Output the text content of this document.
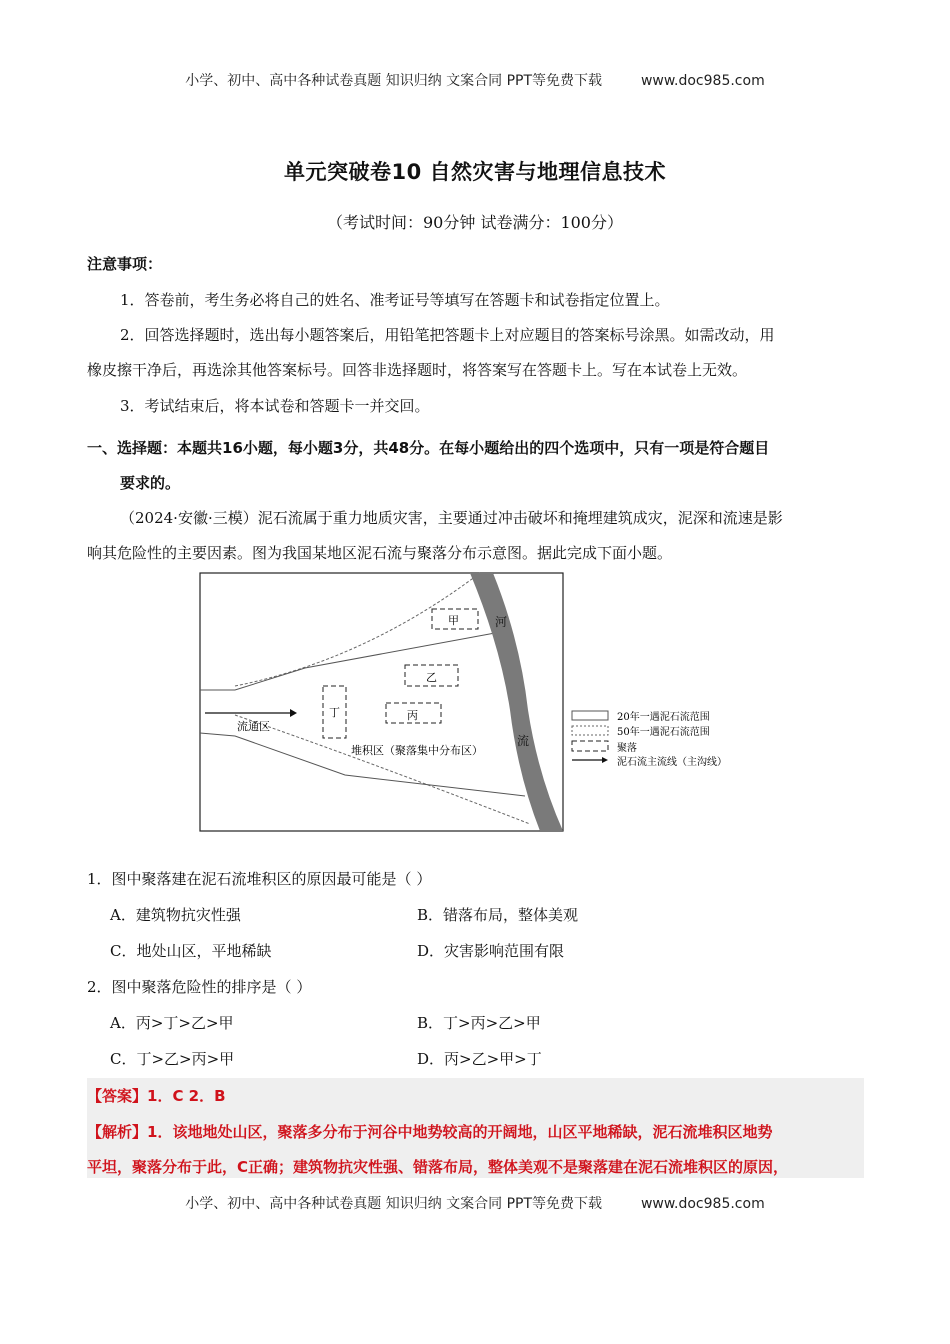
小学、初中、高中各种试卷真题 知识归纳 文案合同 PPT等免费下载	www.doc985.com
单元突破卷10 自然灾害与地理信息技术
（考试时间：90分钟 试卷满分：100分）
注意事项：
1．答卷前，考生务必将自己的姓名、准考证号等填写在答题卡和试卷指定位置上。
2．回答选择题时，选出每小题答案后，用铅笔把答题卡上对应题目的答案标号涂黑。如需改动，用
橡皮擦干净后，再选涂其他答案标号。回答非选择题时，将答案写在答题卡上。写在本试卷上无效。
3．考试结束后，将本试卷和答题卡一并交回。
一、选择题：本题共16小题，每小题3分，共48分。在每小题给出的四个选项中，只有一项是符合题目
要求的。
（2024·安徽·三模）泥石流属于重力地质灾害，主要通过冲击破坏和掩埋建筑成灾，泥深和流速是影
响其危险性的主要因素。图为我国某地区泥石流与聚落分布示意图。据此完成下面小题。
河
流
甲
乙
丙
丁
流通区
堆积区（聚落集中分布区）
20年一遇泥石流范围
50年一遇泥石流范围
聚落
泥石流主流线（主沟线）
1．图中聚落建在泥石流堆积区的原因最可能是（ ）
A．建筑物抗灾性强	B．错落布局，整体美观
C．地处山区，平地稀缺	D．灾害影响范围有限
2．图中聚落危险性的排序是（ ）
A．丙>丁>乙>甲	B．丁>丙>乙>甲
C．丁>乙>丙>甲	D．丙>乙>甲>丁
【答案】1．C 2．B
【解析】1．该地地处山区，聚落多分布于河谷中地势较高的开阔地，山区平地稀缺，泥石流堆积区地势
平坦，聚落分布于此，C正确；建筑物抗灾性强、错落布局，整体美观不是聚落建在泥石流堆积区的原因，
小学、初中、高中各种试卷真题 知识归纳 文案合同 PPT等免费下载	www.doc985.com
